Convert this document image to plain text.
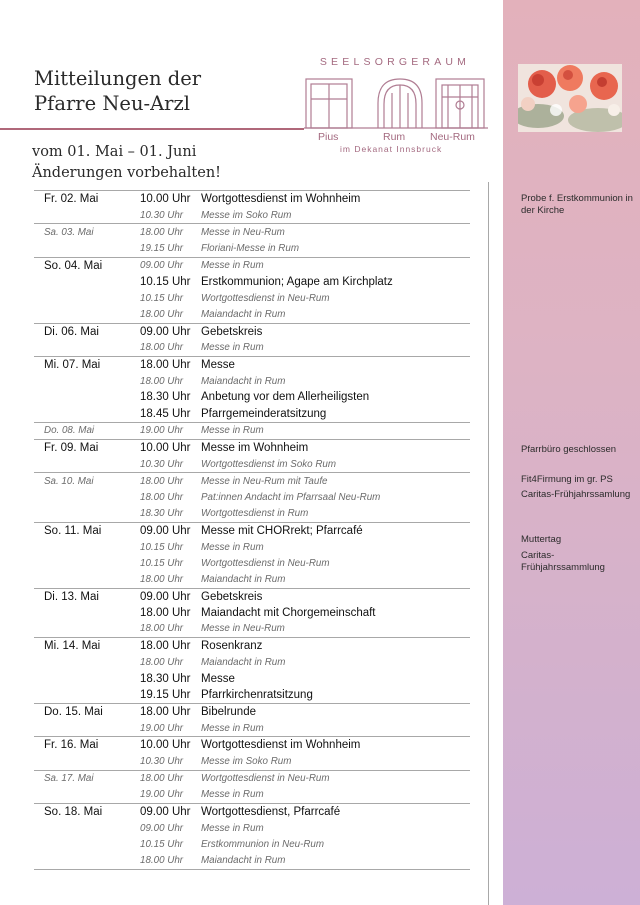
Probe f. Erstkommunion in der Kirche
Pfarrbüro geschlossen
Fit4Firmung im gr. PS
Caritas-Frühjahrssamlung
Muttertag
Caritas-Frühjahrssammlung
Mitteilungen der
Pfarre Neu-Arzl
vom 01. Mai – 01. Juni
Änderungen vorbehalten!
SEELSORGERAUM
Pius	Rum Neu-Rum
im Dekanat Innsbruck
Fr. 02. Mai	10.00 Uhr Wortgottesdienst im Wohnheim
10.30 Uhr	Messe im Soko Rum
Sa. 03. Mai	18.00 Uhr	Messe in Neu-Rum
19.15 Uhr	Floriani-Messe in Rum
So. 04. Mai	09.00 Uhr	Messe in Rum
10.15 Uhr Erstkommunion; Agape am Kirchplatz
10.15 Uhr	Wortgottesdienst in Neu-Rum
18.00 Uhr	Maiandacht in Rum
Di. 06. Mai	09.00 Uhr Gebetskreis
18.00 Uhr	Messe in Rum
Mi. 07. Mai	18.00 Uhr Messe
18.00 Uhr	Maiandacht in Rum
18.30 Uhr Anbetung vor dem Allerheiligsten
18.45 Uhr Pfarrgemeinderatsitzung
Do. 08. Mai	19.00 Uhr	Messe in Rum
Fr. 09. Mai	10.00 Uhr Messe im Wohnheim
10.30 Uhr	Wortgottesdienst im Soko Rum
Sa. 10. Mai	18.00 Uhr	Messe in Neu-Rum mit Taufe
18.00 Uhr	Pat:innen Andacht im Pfarrsaal Neu-Rum
18.30 Uhr	Wortgottesdienst in Rum
So. 11. Mai	09.00 Uhr Messe mit CHORrekt; Pfarrcafé
10.15 Uhr	Messe in Rum
10.15 Uhr	Wortgottesdienst in Neu-Rum
18.00 Uhr	Maiandacht in Rum
Di. 13. Mai	09.00 Uhr Gebetskreis
18.00 Uhr Maiandacht mit Chorgemeinschaft
18.00 Uhr	Messe in Neu-Rum
Mi. 14. Mai	18.00 Uhr Rosenkranz
18.00 Uhr	Maiandacht in Rum
18.30 Uhr Messe
19.15 Uhr Pfarrkirchenratsitzung
Do. 15. Mai	18.00 Uhr Bibelrunde
19.00 Uhr	Messe in Rum
Fr. 16. Mai	10.00 Uhr Wortgottesdienst im Wohnheim
10.30 Uhr	Messe im Soko Rum
Sa. 17. Mai	18.00 Uhr	Wortgottesdienst in Neu-Rum
19.00 Uhr	Messe in Rum
So. 18. Mai	09.00 Uhr Wortgottesdienst, Pfarrcafé
09.00 Uhr	Messe in Rum
10.15 Uhr	Erstkommunion in Neu-Rum
18.00 Uhr	Maiandacht in Rum
